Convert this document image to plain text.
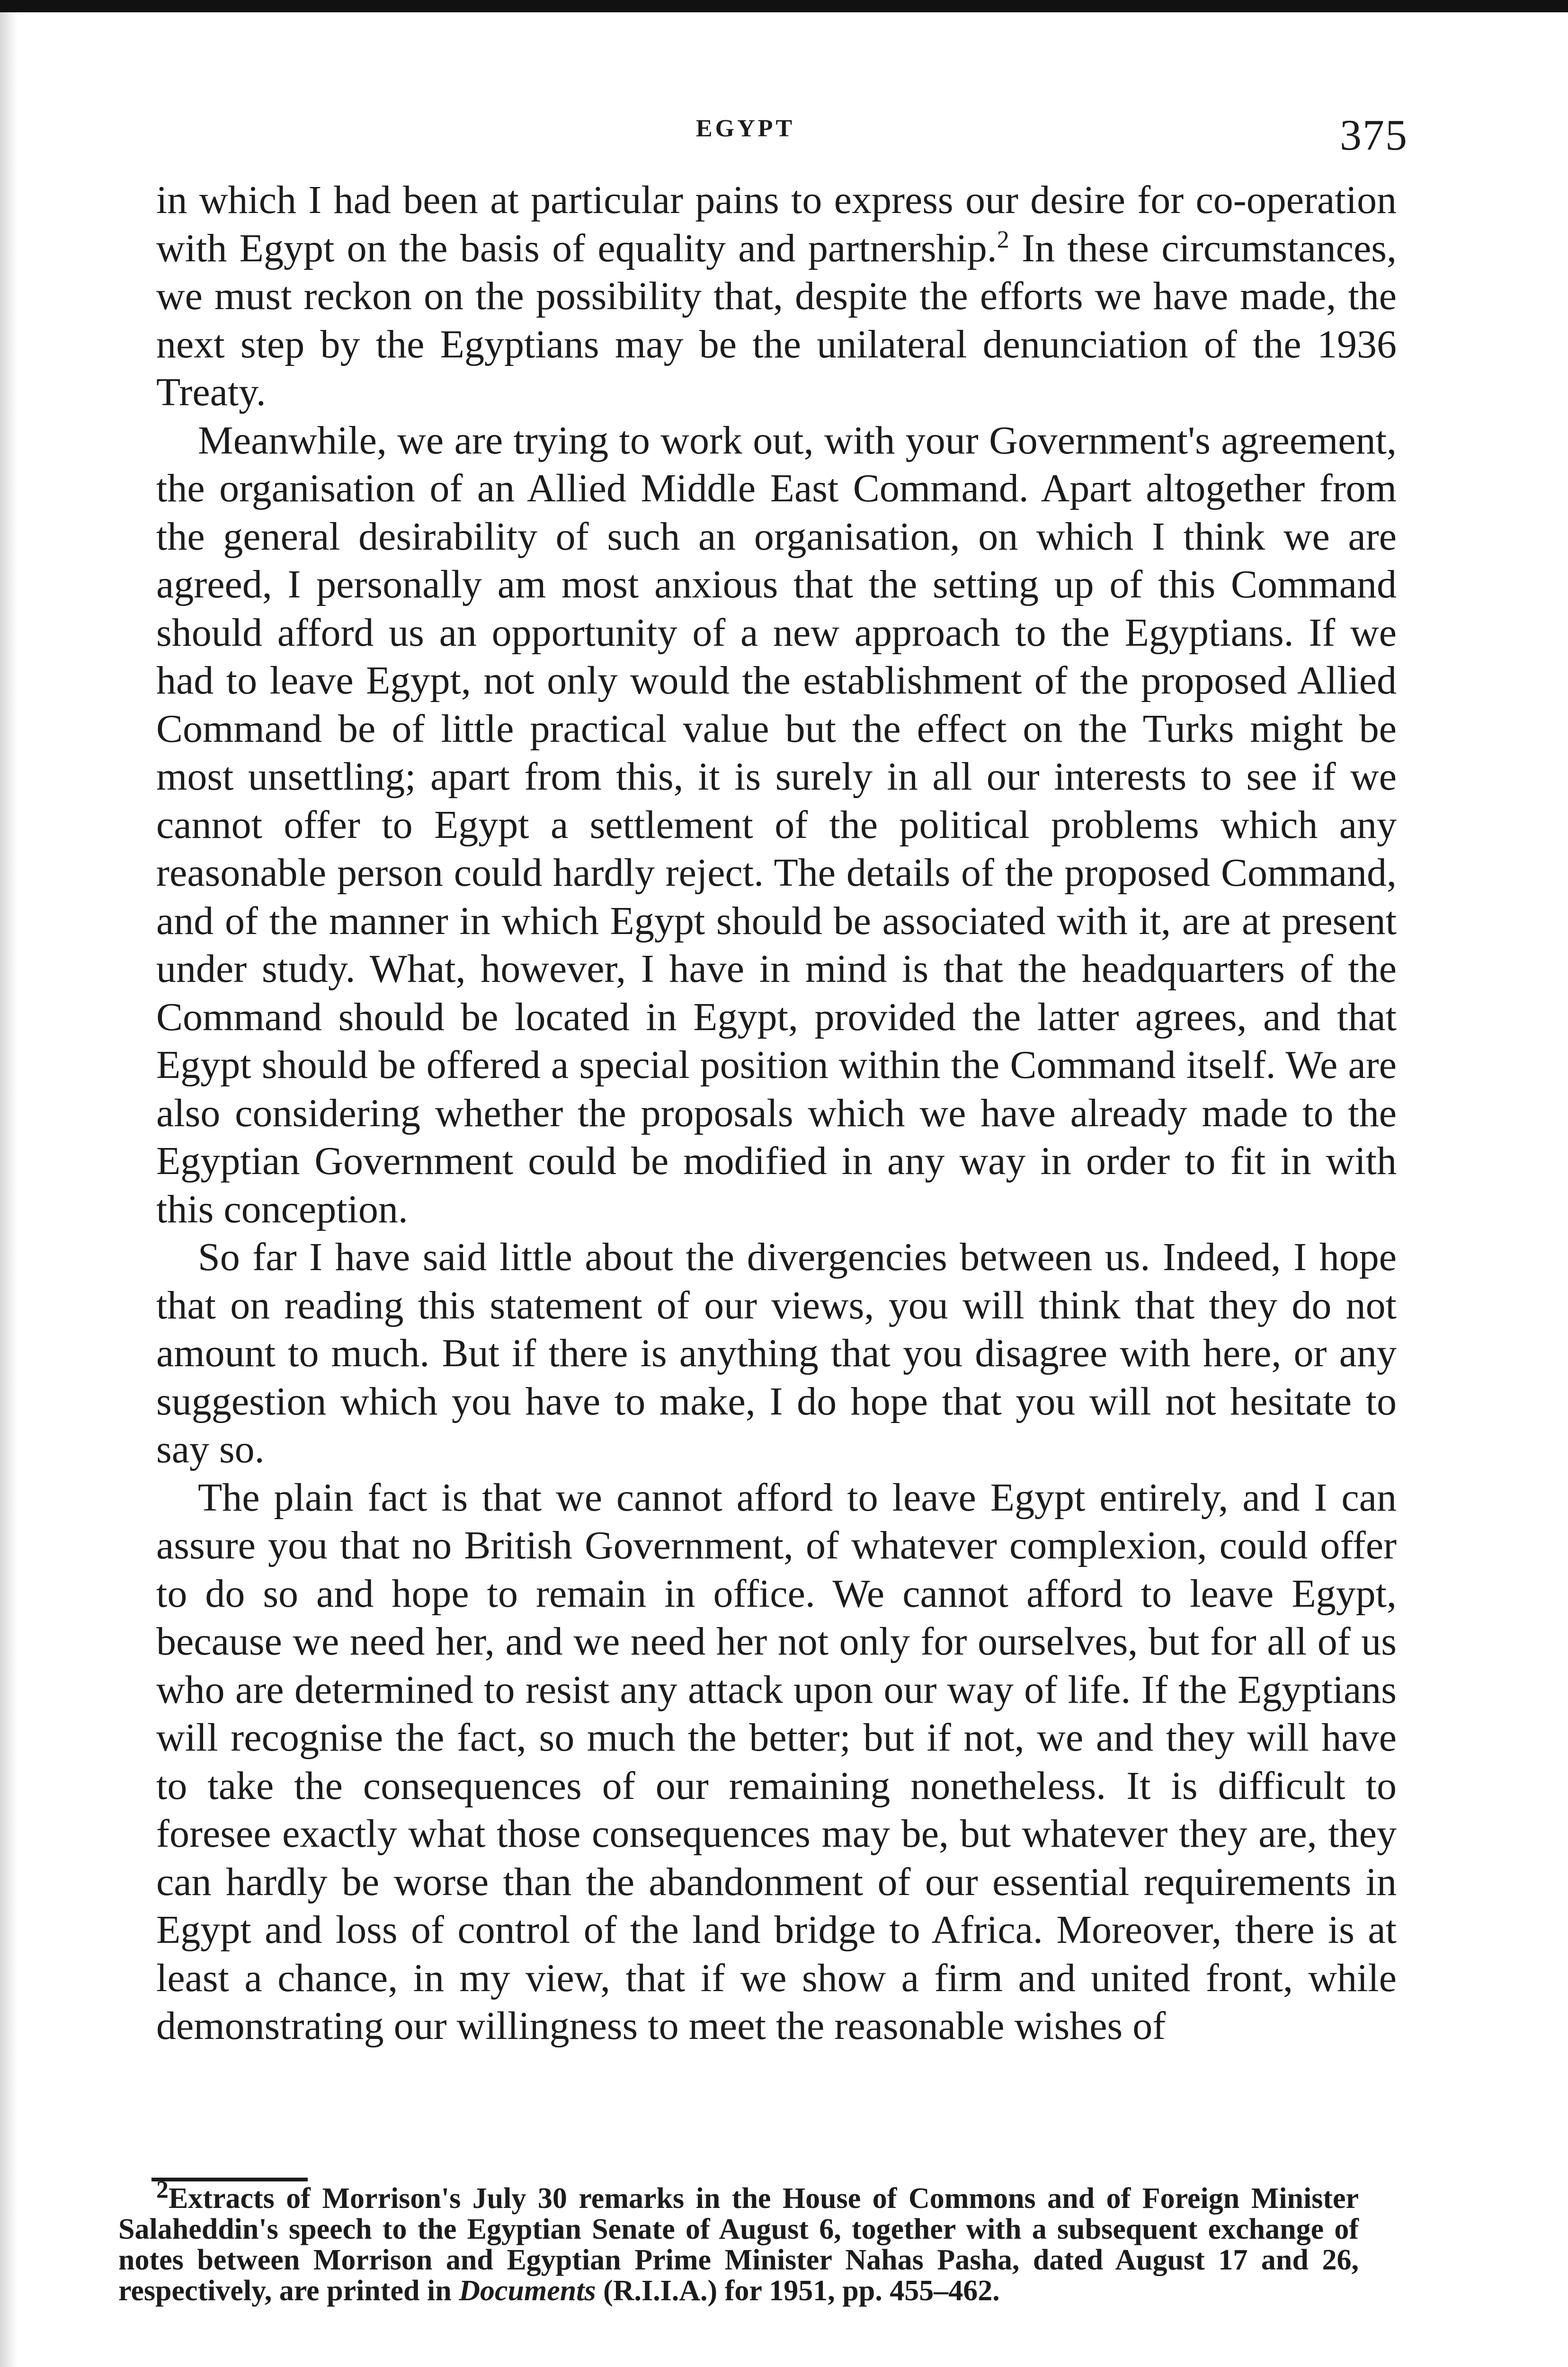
EGYPT	375

in which I had been at particular pains to express our desire for co-operation with Egypt on the basis of equality and partnership.$^2$ In these circumstances, we must reckon on the possibility that, despite the efforts we have made, the next step by the Egyptians may be the unilateral denunciation of the 1936 Treaty.

Meanwhile, we are trying to work out, with your Government's agreement, the organisation of an Allied Middle East Command. Apart altogether from the general desirability of such an organisation, on which I think we are agreed, I personally am most anxious that the setting up of this Command should afford us an opportunity of a new approach to the Egyptians. If we had to leave Egypt, not only would the establishment of the proposed Allied Command be of little practical value but the effect on the Turks might be most unsettling; apart from this, it is surely in all our interests to see if we cannot offer to Egypt a settlement of the political problems which any reasonable person could hardly reject. The details of the proposed Command, and of the manner in which Egypt should be associated with it, are at present under study. What, however, I have in mind is that the headquarters of the Command should be located in Egypt, provided the latter agrees, and that Egypt should be offered a special position within the Command itself. We are also considering whether the proposals which we have already made to the Egyptian Government could be modified in any way in order to fit in with this conception.

So far I have said little about the divergencies between us. Indeed, I hope that on reading this statement of our views, you will think that they do not amount to much. But if there is anything that you disagree with here, or any suggestion which you have to make, I do hope that you will not hesitate to say so.

The plain fact is that we cannot afford to leave Egypt entirely, and I can assure you that no British Government, of whatever complexion, could offer to do so and hope to remain in office. We cannot afford to leave Egypt, because we need her, and we need her not only for ourselves, but for all of us who are determined to resist any attack upon our way of life. If the Egyptians will recognise the fact, so much the better; but if not, we and they will have to take the consequences of our remaining nonetheless. It is difficult to foresee exactly what those consequences may be, but whatever they are, they can hardly be worse than the abandonment of our essential requirements in Egypt and loss of control of the land bridge to Africa. Moreover, there is at least a chance, in my view, that if we show a firm and united front, while demonstrating our willingness to meet the reasonable wishes of

$^2$Extracts of Morrison's July 30 remarks in the House of Commons and of Foreign Minister Salaheddin's speech to the Egyptian Senate of August 6, together with a subsequent exchange of notes between Morrison and Egyptian Prime Minister Nahas Pasha, dated August 17 and 26, respectively, are printed in Documents (R.I.I.A.) for 1951, pp. 455–462.
